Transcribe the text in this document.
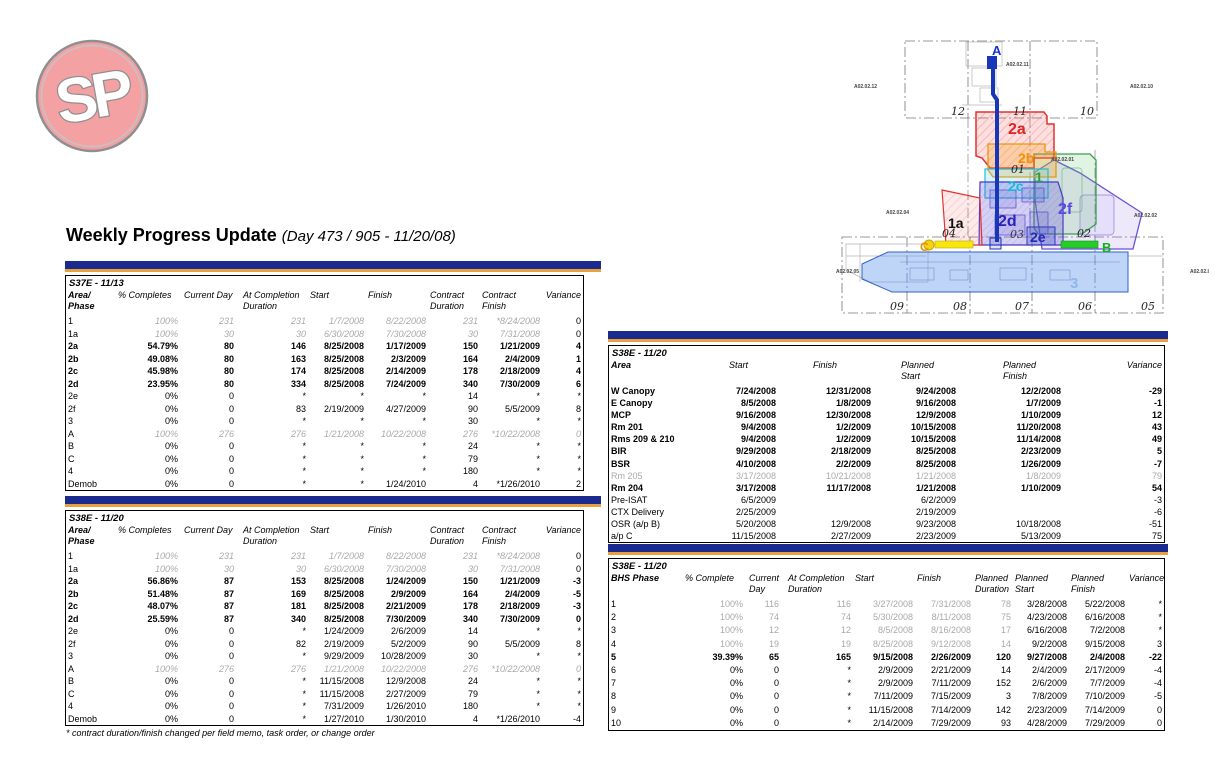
SP
Weekly Progress Update (Day 473 / 905 - 11/20/08)
S37E - 11/13
Area/
Phase	% Completes	Current Day	At Completion
Duration	Start	Finish	Contract
Duration	Contract
Finish	Variance
1	100%	231	231	1/7/2008	8/22/2008	231	*8/24/2008	0
1a	100%	30	30	6/30/2008	7/30/2008	30	7/31/2008	0
2a	54.79%	80	146	8/25/2008	1/17/2009	150	1/21/2009	4
2b	49.08%	80	163	8/25/2008	2/3/2009	164	2/4/2009	1
2c	45.98%	80	174	8/25/2008	2/14/2009	178	2/18/2009	4
2d	23.95%	80	334	8/25/2008	7/24/2009	340	7/30/2009	6
2e	0%	0	*	*	*	14	*	*
2f	0%	0	83	2/19/2009	4/27/2009	90	5/5/2009	8
3	0%	0	*	*	*	30	*	*
A	100%	276	276	1/21/2008	10/22/2008	276	*10/22/2008	0
B	0%	0	*	*	*	24	*	*
C	0%	0	*	*	*	79	*	*
4	0%	0	*	*	*	180	*	*
Demob	0%	0	*	*	1/24/2010	4	*1/26/2010	2
S38E - 11/20
Area/
Phase	% Completes	Current Day	At Completion
Duration	Start	Finish	Contract
Duration	Contract
Finish	Variance
1	100%	231	231	1/7/2008	8/22/2008	231	*8/24/2008	0
1a	100%	30	30	6/30/2008	7/30/2008	30	7/31/2008	0
2a	56.86%	87	153	8/25/2008	1/24/2009	150	1/21/2009	-3
2b	51.48%	87	169	8/25/2008	2/9/2009	164	2/4/2009	-5
2c	48.07%	87	181	8/25/2008	2/21/2009	178	2/18/2009	-3
2d	25.59%	87	340	8/25/2008	7/30/2009	340	7/30/2009	0
2e	0%	0	*	1/24/2009	2/6/2009	14	*	*
2f	0%	0	82	2/19/2009	5/2/2009	90	5/5/2009	8
3	0%	0	*	9/29/2009	10/28/2009	30	*	*
A	100%	276	276	1/21/2008	10/22/2008	276	*10/22/2008	0
B	0%	0	*	11/15/2008	12/9/2008	24	*	*
C	0%	0	*	11/15/2008	2/27/2009	79	*	*
4	0%	0	*	7/31/2009	1/26/2010	180	*	*
Demob	0%	0	*	1/27/2010	1/30/2010	4	*1/26/2010	-4
S38E - 11/20
Area	Start	Finish	Planned
Start	Planned
Finish	Variance
W Canopy	7/24/2008	12/31/2008	9/24/2008	12/2/2008	-29
E Canopy	8/5/2008	1/8/2009	9/16/2008	1/7/2009	-1
MCP	9/16/2008	12/30/2008	12/9/2008	1/10/2009	12
Rm 201	9/4/2008	1/2/2009	10/15/2008	11/20/2008	43
Rms 209 & 210	9/4/2008	1/2/2009	10/15/2008	11/14/2008	49
BIR	9/29/2008	2/18/2009	8/25/2008	2/23/2009	5
BSR	4/10/2008	2/2/2009	8/25/2008	1/26/2009	-7
Rm 205	3/17/2008	10/21/2008	1/21/2008	1/8/2009	79
Rm 204	3/17/2008	11/17/2008	1/21/2008	1/10/2009	54
Pre-ISAT	6/5/2009		6/2/2009		-3
CTX Delivery	2/25/2009		2/19/2009		-6
OSR (a/p B)	5/20/2008	12/9/2008	9/23/2008	10/18/2008	-51
a/p C	11/15/2008	2/27/2009	2/23/2009	5/13/2009	75
S38E - 11/20
BHS Phase	% Complete	Current
Day	At Completion
Duration	Start	Finish	Planned
Duration	Planned
Start	Planned
Finish	Variance
1	100%	116	116	3/27/2008	7/31/2008	78	3/28/2008	5/22/2008	*
2	100%	74	74	5/30/2008	8/11/2008	75	4/23/2008	6/16/2008	*
3	100%	12	12	8/5/2008	8/16/2008	17	6/16/2008	7/2/2008	*
4	100%	19	19	8/25/2008	9/12/2008	14	9/2/2008	9/15/2008	3
5	39.39%	65	165	9/15/2008	2/26/2009	120	9/27/2008	2/4/2008	-22
6	0%	0	*	2/9/2009	2/21/2009	14	2/4/2009	2/17/2009	-4
7	0%	0	*	2/9/2009	7/11/2009	152	2/6/2009	7/7/2009	-4
8	0%	0	*	7/11/2009	7/15/2009	3	7/8/2009	7/10/2009	-5
9	0%	0	*	11/15/2008	7/14/2009	142	2/23/2009	7/14/2009	0
10	0%	0	*	2/14/2009	7/29/2009	93	4/28/2009	7/29/2009	0
* contract duration/finish changed per field memo, task order, or change order
12	11	10
09	08	07	06	05
01
04	03	02
A02.02.12
A02.02.11
A02.02.10
A02.02.04
A02.02.01
A02.02.02
A02.02.05	A02.02.I
A
2a
2b
2c
1
2f
1a 2d
2e
3
C	B
